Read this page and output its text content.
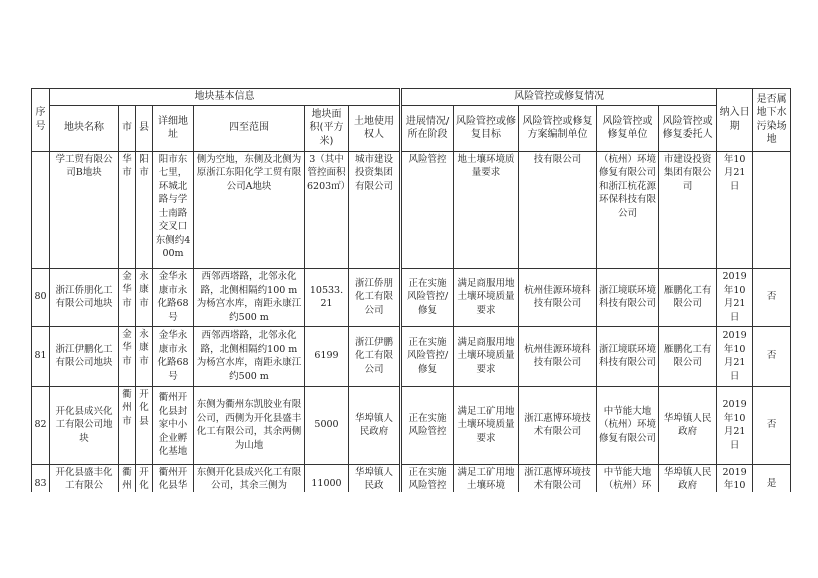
序号	地块基本信息							风险管控或修复情况					纳入日期	是否属地下水污染场地
	地块名称	市	县	详细地址	四至范围	地块面积(平方米)	土地使用权人	进展情况/所在阶段	风险管控或修复目标	风险管控或修复方案编制单位	风险管控或修复单位	风险管控或修复委托人		
	学工贸有限公司B地块	华市	阳市	阳市东七里，环城北路与学士南路交叉口东侧约400m	侧为空地，东侧及北侧为原浙江东阳化学工贸有限公司A地块	3（其中管控面积6203㎡）	城市建设投资集团有限公司	风险管控	地土壤环境质量要求	技有限公司	（杭州）环境修复有限公司和浙江杭花源环保科技有限公司	市建设投资集团有限公司	年10月21日	
80	浙江侨朋化工有限公司地块	金华市	永康市	金华永康市永化路68号	西邻西塔路，北邻永化路，北侧相隔约100 m为杨宫水库，南距永康江约500 m	10533.21	浙江侨朋化工有限公司	正在实施风险管控/修复	满足商服用地土壤环境质量要求	杭州佳源环境科技有限公司	浙江境联环境科技有限公司	雁鹏化工有限公司	2019年10月21日	否
81	浙江伊鹏化工有限公司地块	金华市	永康市	金华永康市永化路68号	西邻西塔路，北邻永化路，北侧相隔约100 m为杨宫水库，南距永康江约500 m	6199	浙江伊鹏化工有限公司	正在实施风险管控/修复	满足商服用地土壤环境质量要求	杭州佳源环境科技有限公司	浙江境联环境科技有限公司	雁鹏化工有限公司	2019年10月21日	否
82	开化县成兴化工有限公司地块	衢州市	开化县	衢州开化县封家中小企业孵化基地	东侧为衢州东凯胶业有限公司，西侧为开化县盛丰化工有限公司，其余两侧为山地	5000	华埠镇人民政府	正在实施风险管控	满足工矿用地土壤环境质量要求	浙江惠博环境技术有限公司	中节能大地（杭州）环境修复有限公司	华埠镇人民政府	2019年10月21日	否
83	开化县盛丰化工有限公	衢州	开化	衢州开化县华	东侧开化县成兴化工有限公司，其余三侧为	11000	华埠镇人民政	正在实施风险管控	满足工矿用地土壤环境	浙江惠博环境技术有限公司	中节能大地（杭州）环	华埠镇人民政府	2019年10	是
